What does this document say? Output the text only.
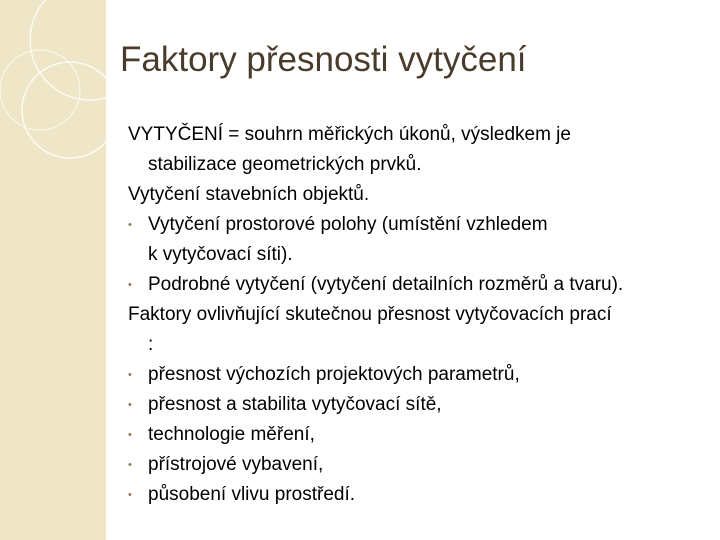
Faktory přesnosti vytyčení
VYTYČENÍ = souhrn měřických úkonů, výsledkem je
stabilizace geometrických prvků.
Vytyčení stavebních objektů.
• Vytyčení prostorové polohy (umístění vzhledem
k vytyčovací síti).
• Podrobné vytyčení (vytyčení detailních rozměrů a tvaru).
Faktory ovlivňující skutečnou přesnost vytyčovacích prací
:
• přesnost výchozích projektových parametrů,
• přesnost a stabilita vytyčovací sítě,
• technologie měření,
• přístrojové vybavení,
• působení vlivu prostředí.
